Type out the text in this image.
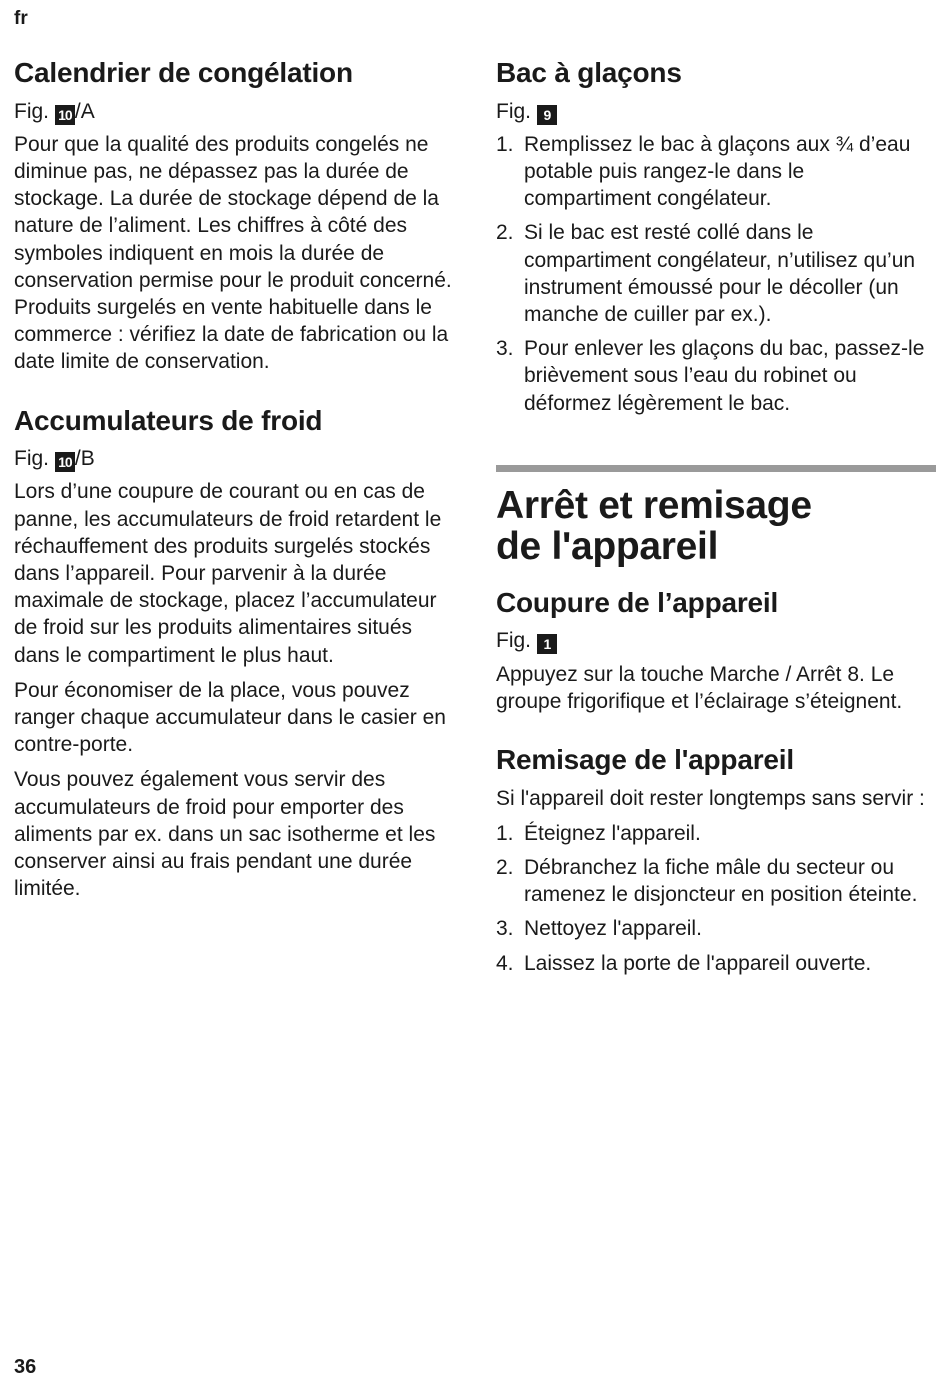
fr
Calendrier de congélation

Fig. 10 /A

Pour que la qualité des produits congelés ne diminue pas, ne dépassez pas la durée de stockage. La durée de stockage dépend de la nature de l’aliment. Les chiffres à côté des symboles indiquent en mois la durée de conservation permise pour le produit concerné. Produits surgelés en vente habituelle dans le commerce : vérifiez la date de fabrication ou la date limite de conservation.

Accumulateurs de froid

Fig. 10 /B

Lors d’une coupure de courant ou en cas de panne, les accumulateurs de froid retardent le réchauffement des produits surgelés stockés dans l’appareil. Pour parvenir à la durée maximale de stockage, placez l’accumulateur de froid sur les produits alimentaires situés dans le compartiment le plus haut.

Pour économiser de la place, vous pouvez ranger chaque accumulateur dans le casier en contre-porte.

Vous pouvez également vous servir des accumulateurs de froid pour emporter des aliments par ex. dans un sac isotherme et les conserver ainsi au frais pendant une durée limitée.

Bac à glaçons

Fig. 9

1. Remplissez le bac à glaçons aux ¾ d’eau potable puis rangez-le dans le compartiment congélateur.
2. Si le bac est resté collé dans le compartiment congélateur, n’utilisez qu’un instrument émoussé pour le décoller (un manche de cuiller par ex.).
3. Pour enlever les glaçons du bac, passez-le brièvement sous l’eau du robinet ou déformez légèrement le bac.
Arrêt et remisage
de l'appareil
Coupure de l’appareil

Fig. 1

Appuyez sur la touche Marche / Arrêt 8. Le groupe frigorifique et l’éclairage s’éteignent.

Remisage de l'appareil

Si l'appareil doit rester longtemps sans servir :

1. Éteignez l'appareil.
2. Débranchez la fiche mâle du secteur ou ramenez le disjoncteur en position éteinte.
3. Nettoyez l'appareil.
4. Laissez la porte de l'appareil ouverte.
36
